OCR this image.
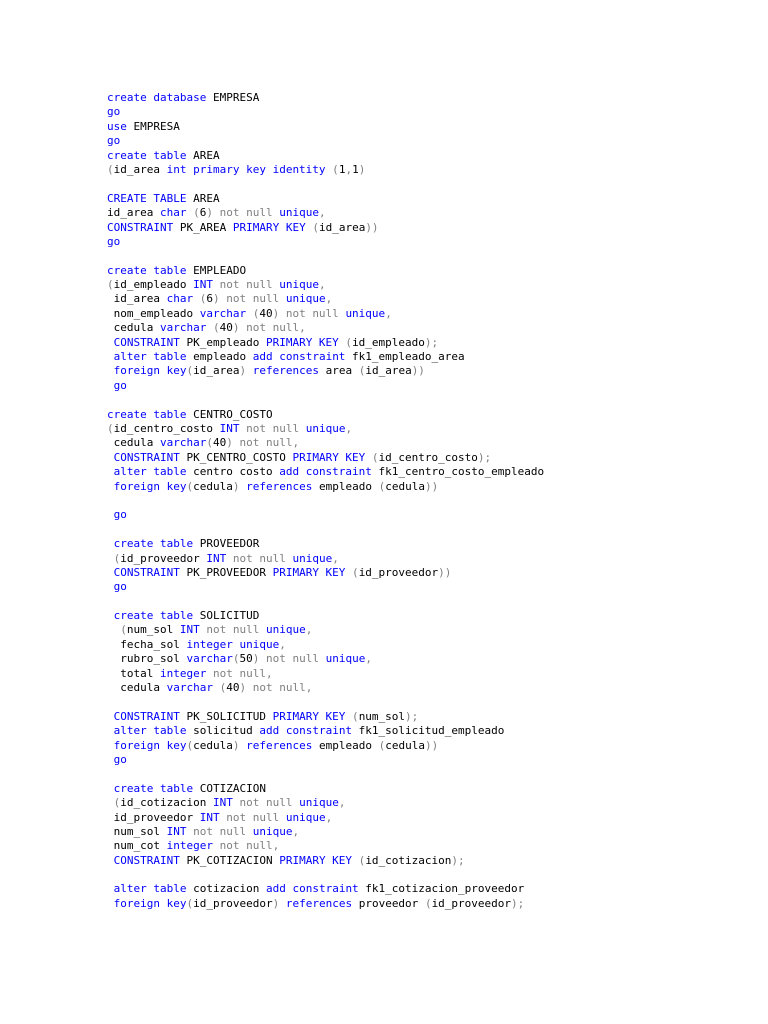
create database EMPRESA
go
use EMPRESA
go
create table AREA
(id_area int primary key identity (1,1)
CREATE TABLE AREA
id_area char (6) not null unique,
CONSTRAINT PK_AREA PRIMARY KEY (id_area))
go
create table EMPLEADO
(id_empleado INT not null unique,
id_area char (6) not null unique,
nom_empleado varchar (40) not null unique,
cedula varchar (40) not null,
CONSTRAINT PK_empleado PRIMARY KEY (id_empleado);
alter table empleado add constraint fk1_empleado_area
foreign key(id_area) references area (id_area))
go
create table CENTRO_COSTO
(id_centro_costo INT not null unique,
cedula varchar(40) not null,
CONSTRAINT PK_CENTRO_COSTO PRIMARY KEY (id_centro_costo);
alter table centro costo add constraint fk1_centro_costo_empleado
foreign key(cedula) references empleado (cedula))
go
create table PROVEEDOR
(id_proveedor INT not null unique,
CONSTRAINT PK_PROVEEDOR PRIMARY KEY (id_proveedor))
go
create table SOLICITUD
(num_sol INT not null unique,
fecha_sol integer unique,
rubro_sol varchar(50) not null unique,
total integer not null,
cedula varchar (40) not null,
CONSTRAINT PK_SOLICITUD PRIMARY KEY (num_sol);
alter table solicitud add constraint fk1_solicitud_empleado
foreign key(cedula) references empleado (cedula))
go
create table COTIZACION
(id_cotizacion INT not null unique,
id_proveedor INT not null unique,
num_sol INT not null unique,
num_cot integer not null,
CONSTRAINT PK_COTIZACION PRIMARY KEY (id_cotizacion);
alter table cotizacion add constraint fk1_cotizacion_proveedor
foreign key(id_proveedor) references proveedor (id_proveedor);
